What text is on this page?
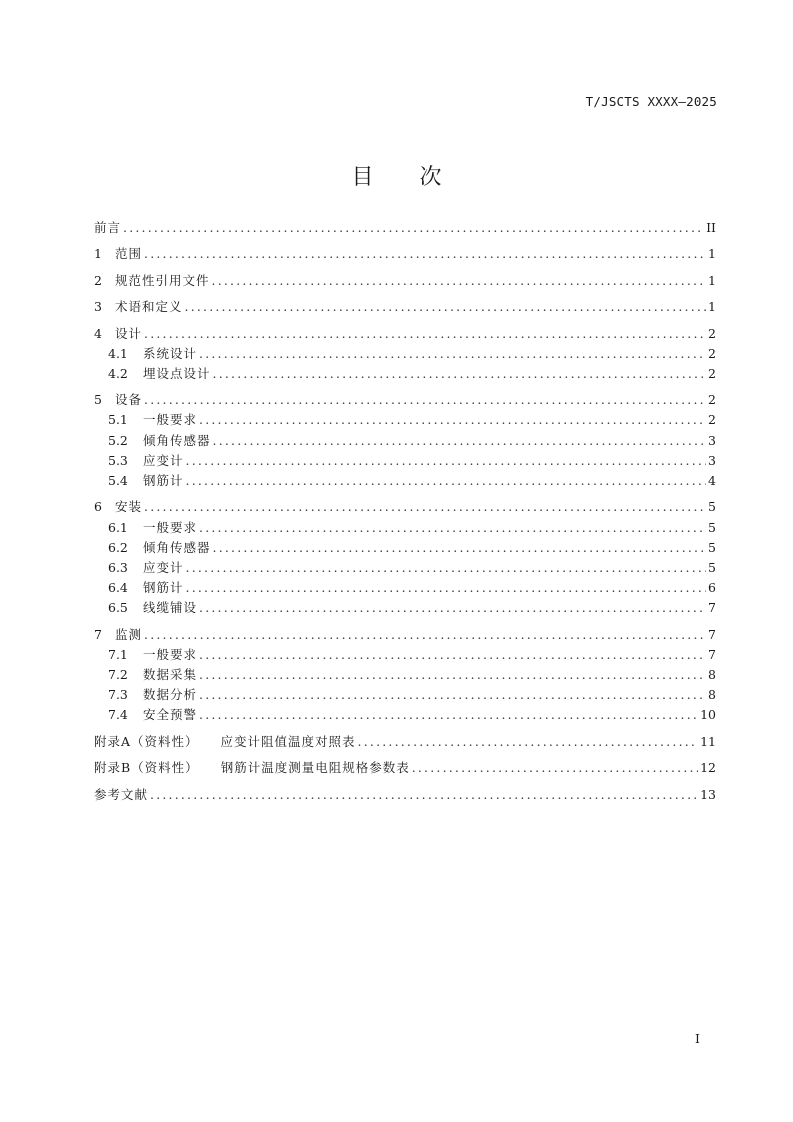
T/JSCTS XXXX—2025
目 次
前言 .....	II
1	范围 .....	1
2	规范性引用文件 .....	1
3	术语和定义 .....	1
4	设计 .....	2
4.1	系统设计 .....	2
4.2	埋设点设计 .....	2
5	设备 .....	2
5.1	一般要求 .....	2
5.2	倾角传感器 .....	3
5.3	应变计 .....	3
5.4	钢筋计 .....	4
6	安装 .....	5
6.1	一般要求 .....	5
6.2	倾角传感器 .....	5
6.3	应变计 .....	5
6.4	钢筋计 .....	6
6.5	线缆铺设 .....	7
7	监测 .....	7
7.1	一般要求 .....	7
7.2	数据采集 .....	8
7.3	数据分析 .....	8
7.4	安全预警 .....	10
附录A（资料性） 应变计阻值温度对照表 .....	11
附录B（资料性） 钢筋计温度测量电阻规格参数表 .....	12
参考文献 .....	13
I
